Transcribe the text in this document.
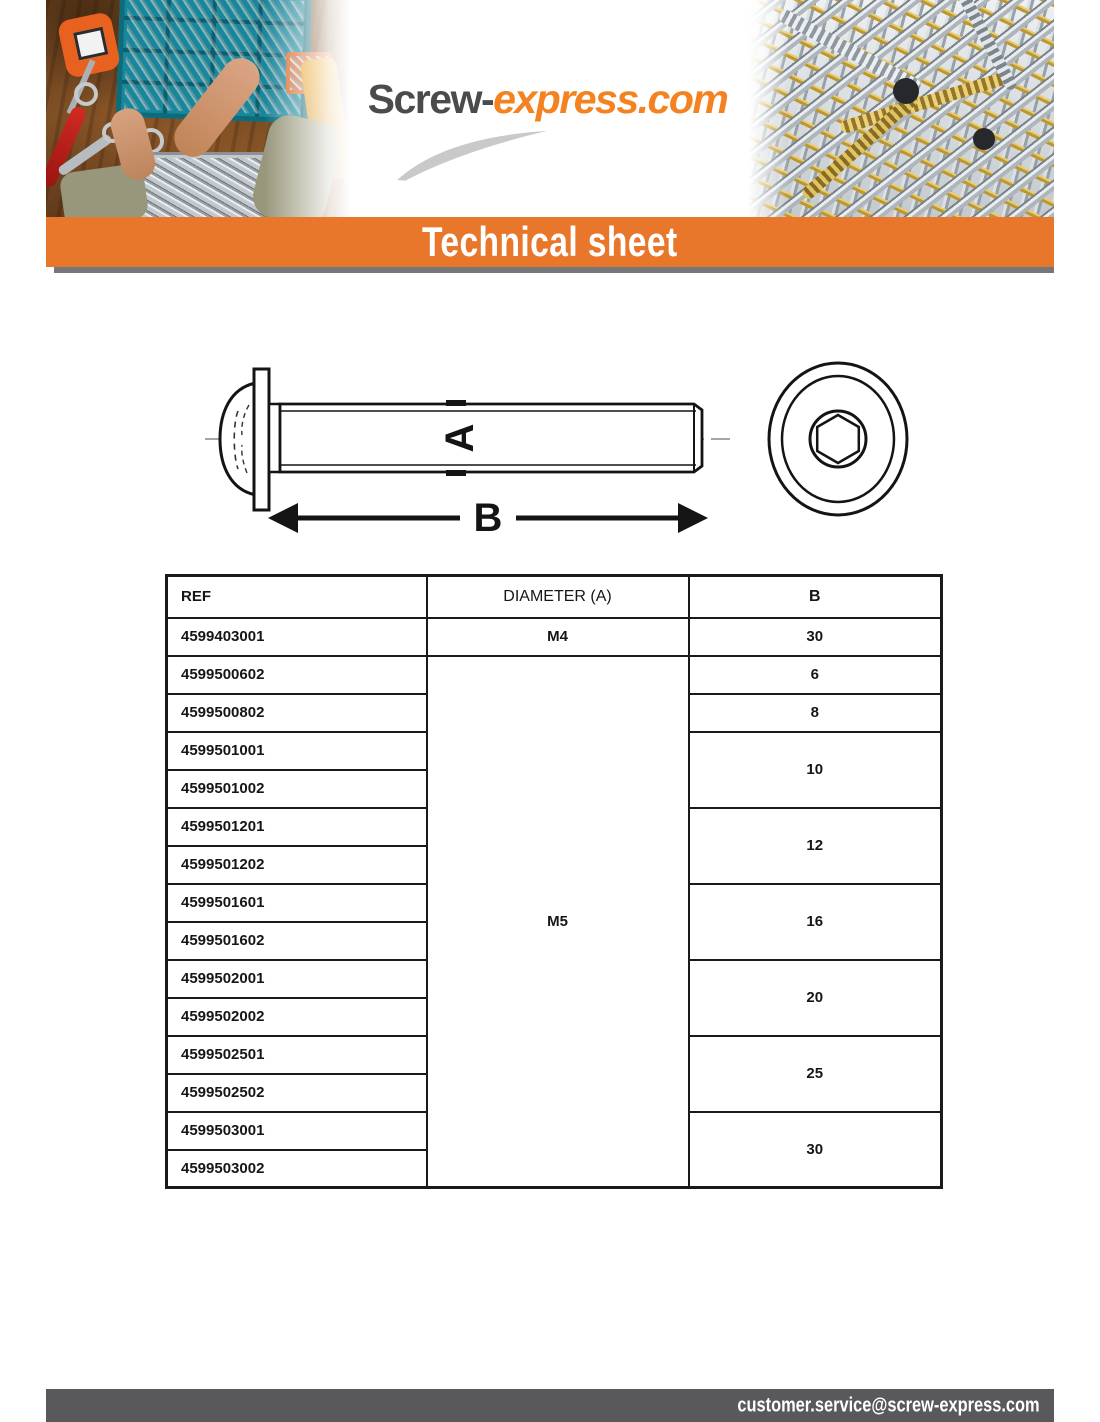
Screw-express.com
Technical sheet
A
B
REF	DIAMETER (A)	B
4599403001	M4	30
4599500602	M5	6
4599500802		8
4599501001		10
4599501002		
4599501201		12
4599501202		
4599501601		16
4599501602		
4599502001		20
4599502002		
4599502501		25
4599502502		
4599503001		30
4599503002		
customer.service@screw-express.com
